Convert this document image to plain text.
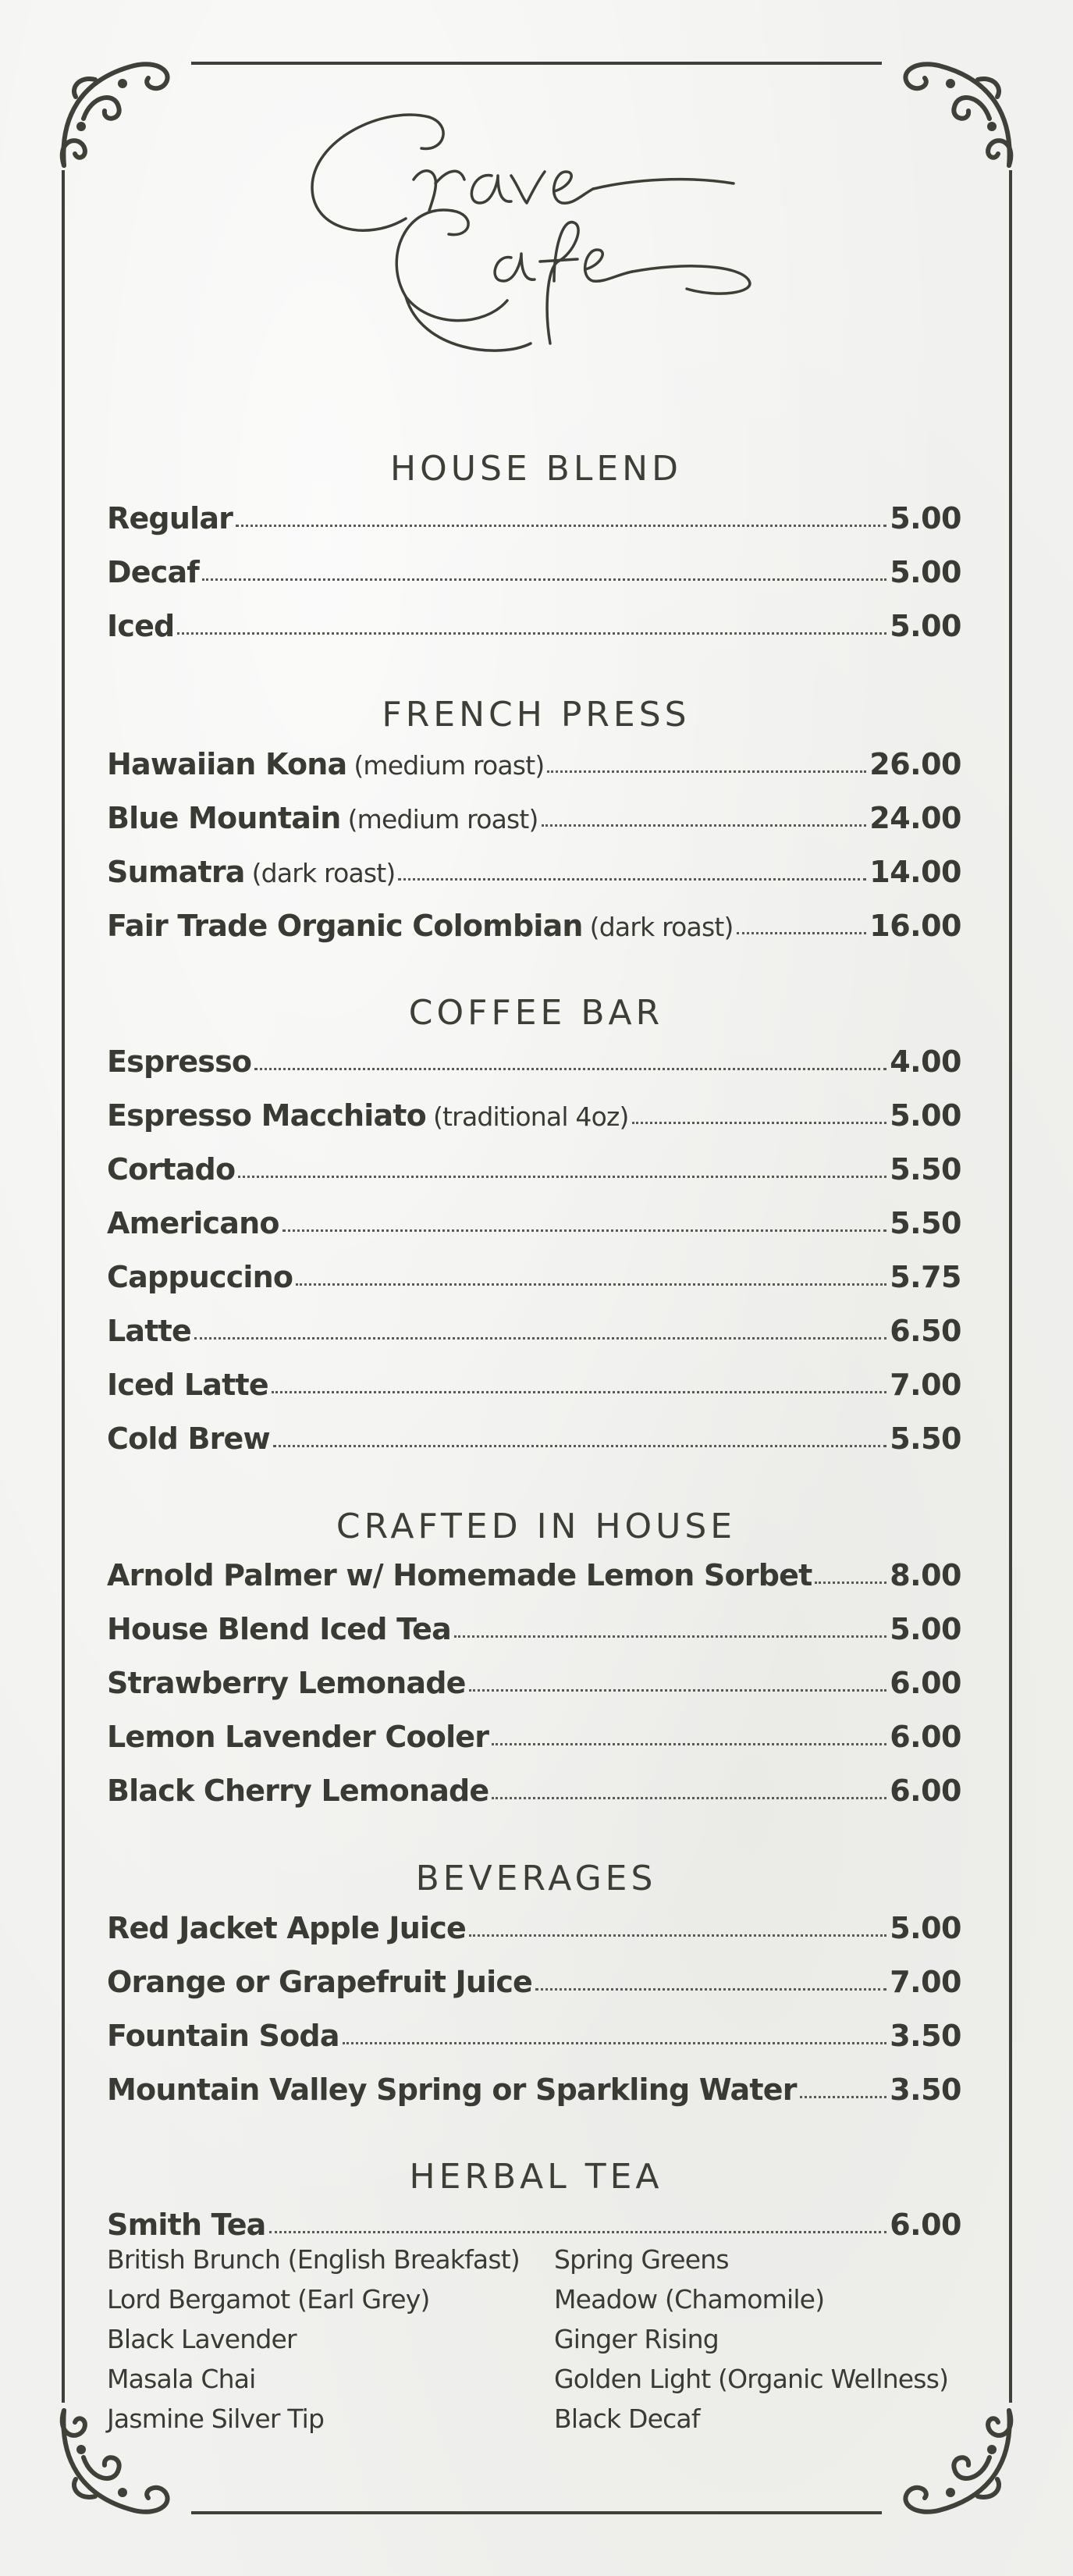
HOUSE BLEND
Regular	5.00
Decaf	5.00
Iced	5.00
FRENCH PRESS
Hawaiian Kona (medium roast)	26.00
Blue Mountain (medium roast)	24.00
Sumatra (dark roast)	14.00
Fair Trade Organic Colombian (dark roast)	16.00
COFFEE BAR
Espresso	4.00
Espresso Macchiato (traditional 4oz)	5.00
Cortado	5.50
Americano	5.50
Cappuccino	5.75
Latte	6.50
Iced Latte	7.00
Cold Brew	5.50
CRAFTED IN HOUSE
Arnold Palmer w/ Homemade Lemon Sorbet	8.00
House Blend Iced Tea	5.00
Strawberry Lemonade	6.00
Lemon Lavender Cooler	6.00
Black Cherry Lemonade	6.00
BEVERAGES
Red Jacket Apple Juice	5.00
Orange or Grapefruit Juice	7.00
Fountain Soda	3.50
Mountain Valley Spring or Sparkling Water	3.50
HERBAL TEA
Smith Tea	6.00
British Brunch (English Breakfast)
Lord Bergamot (Earl Grey)
Black Lavender
Masala Chai
Jasmine Silver Tip
Spring Greens
Meadow (Chamomile)
Ginger Rising
Golden Light (Organic Wellness)
Black Decaf
